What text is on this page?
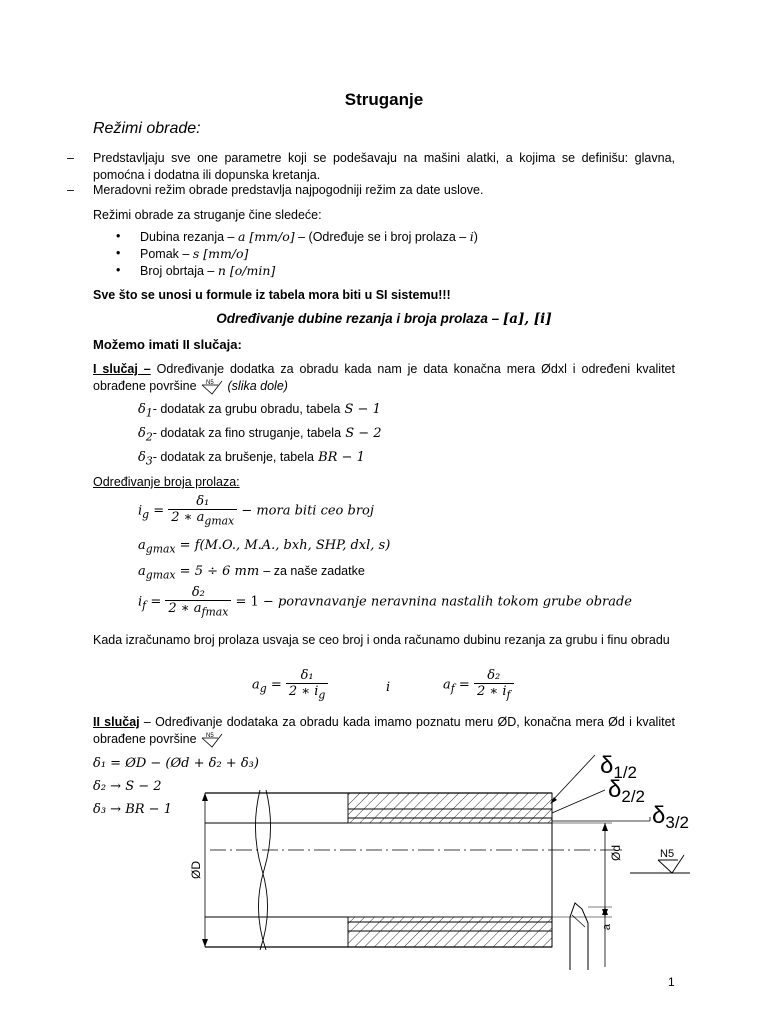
Struganje
Režimi obrade:
– Predstavljaju sve one parametre koji se podešavaju na mašini alatki, a kojima se definišu: glavna, pomoćna i dodatna ili dopunska kretanja.
– Meradovni režim obrade predstavlja najpogodniji režim za date uslove.
Režimi obrade za struganje čine sledeće:
• Dubina rezanja – a [mm/o] – (Određuje se i broj prolaza – i)
• Pomak – s [mm/o]
• Broj obrtaja – n [o/min]
Sve što se unosi u formule iz tabela mora biti u SI sistemu!!!
Određivanje dubine rezanja i broja prolaza – [a], [i]
Možemo imati II slučaja:
I slučaj – Određivanje dodatka za obradu kada nam je data konačna mera Ødxl i određeni kvalitet obrađene površine N5 (slika dole)
$\delta_1-$ dodatak za grubu obradu, tabela S − 1
$\delta_2-$ dodatak za fino struganje, tabela S − 2
$\delta_3-$ dodatak za brušenje, tabela BR − 1
Određivanje broja prolaza:
$i_g = \frac{\text{δ₁}}{2 ∗ a_{gmax}}$ − mora biti ceo broj
$a_{gmax} = f(M.O$., M.A., bxh, SHP, dxl, s)
$a_{gmax} = 5 \div 6$ mm – za naše zadatke
$i_f = \frac{\text{δ₂}}{2 ∗ a_{fmax}} = 1$ − poravnavanje neravnina nastalih tokom grube obrade
Kada izračunamo broj prolaza usvaja se ceo broj i onda računamo dubinu rezanja za grubu i finu obradu
$a_g = \frac{\text{δ₁}}{2 ∗ i_g}$	i	$a_f = \frac{\text{δ₂}}{2 ∗ i_f}$
II slučaj – Određivanje dodataka za obradu kada imamo poznatu meru ØD, konačna mera Ød i kvalitet obrađene površine N5
δ₁ = ØD − (Ød + δ₂ + δ₃)
δ₂ → S − 2
δ₃ → BR − 1
ØD
Ød
$\delta_{1/2}$
$\delta_{2/2}$
$\delta_{3/2}$
N5
a
1
